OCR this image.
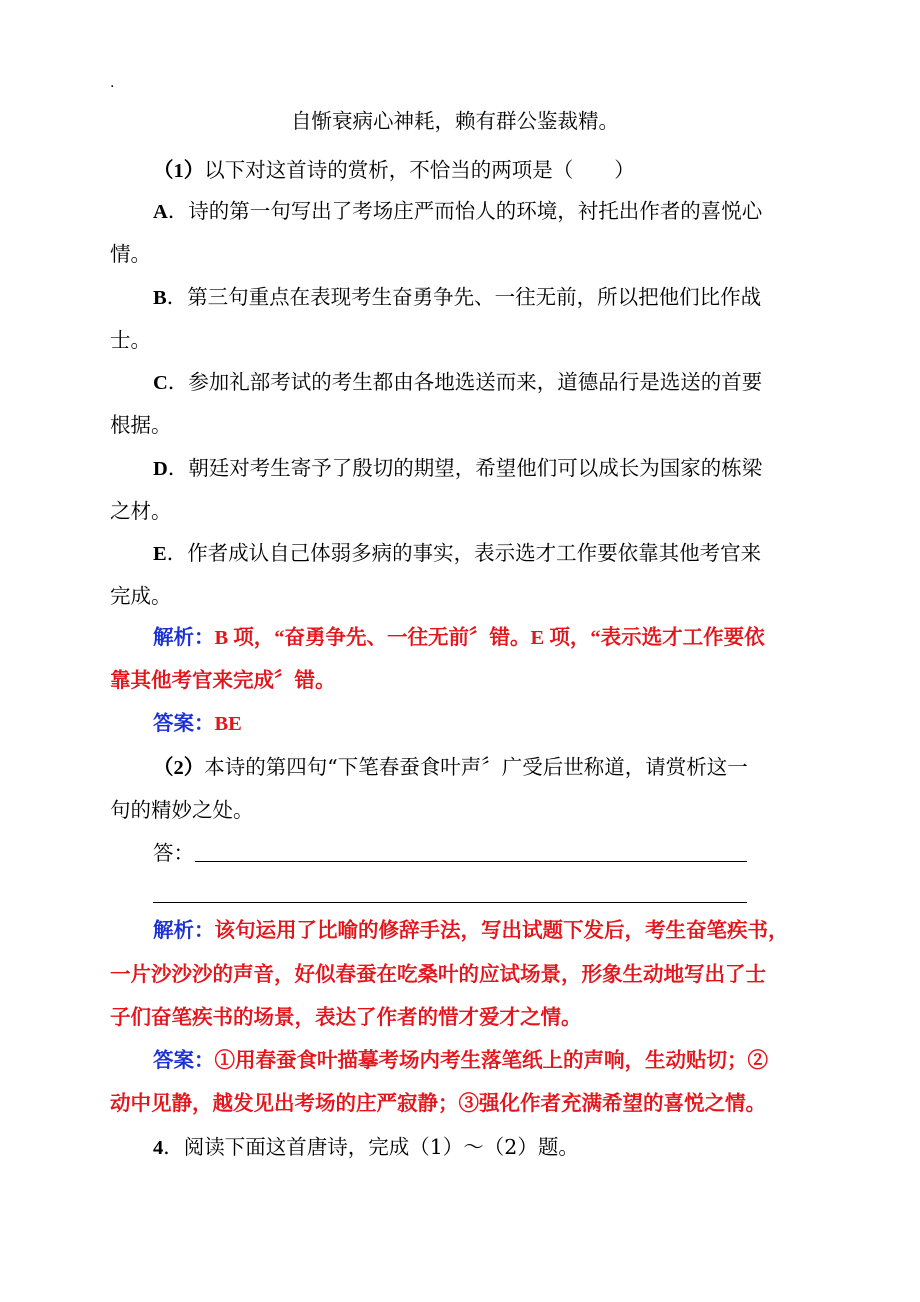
.
自惭衰病心神耗，赖有群公鉴裁精。
（1）以下对这首诗的赏析，不恰当的两项是（　　）
A．诗的第一句写出了考场庄严而怡人的环境，衬托出作者的喜悦心
情。
B．第三句重点在表现考生奋勇争先、一往无前，所以把他们比作战
士。
C．参加礼部考试的考生都由各地选送而来，道德品行是选送的首要
根据。
D．朝廷对考生寄予了殷切的期望，希望他们可以成长为国家的栋梁
之材。
E．作者成认自己体弱多病的事实，表示选才工作要依靠其他考官来
完成。
解析：B 项，“奋勇争先、一往无前〞错。E 项，“表示选才工作要依
靠其他考官来完成〞错。
答案：BE
（2）本诗的第四句“下笔春蚕食叶声〞广受后世称道，请赏析这一
句的精妙之处。
答：
解析：该句运用了比喻的修辞手法，写出试题下发后，考生奋笔疾书，
一片沙沙沙的声音，好似春蚕在吃桑叶的应试场景，形象生动地写出了士
子们奋笔疾书的场景，表达了作者的惜才爱才之情。
答案：①用春蚕食叶描摹考场内考生落笔纸上的声响，生动贴切；②
动中见静，越发见出考场的庄严寂静；③强化作者充满希望的喜悦之情。
4．阅读下面这首唐诗，完成（1）～（2）题。
